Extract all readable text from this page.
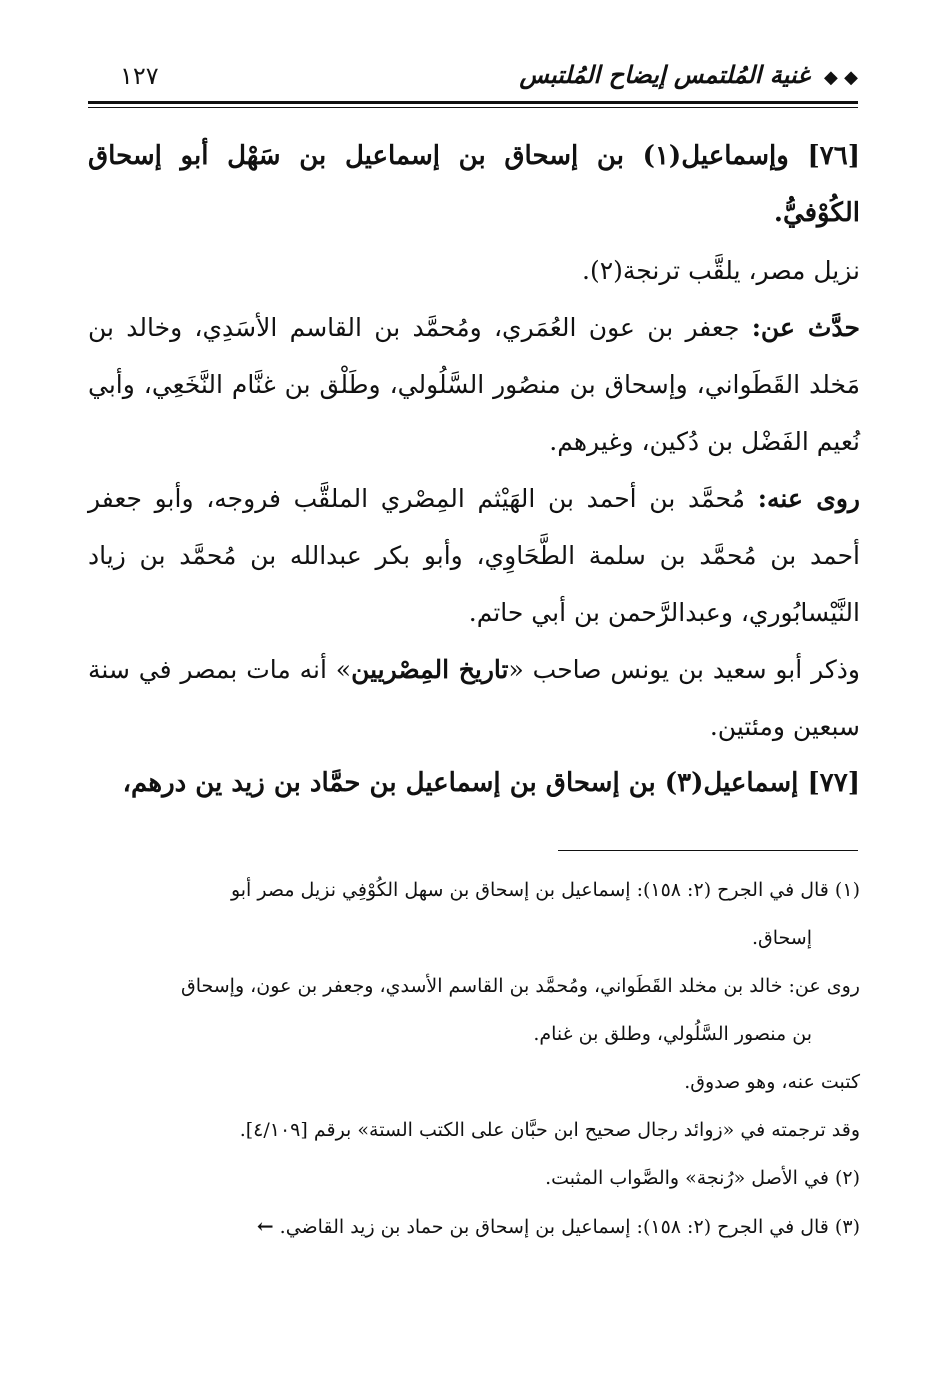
◆ ◆ غنية المُلتمس إيضاح المُلتبس
١٢٧

[٧٦] وإسماعيل(١) بن إسحاق بن إسماعيل بن سَهْل أبو إسحاق الكُوْفيُّ.

نزيل مصر، يلقَّب ترنجة(٢).

حدَّث عن: جعفر بن عون العُمَري، ومُحمَّد بن القاسم الأسَدِي، وخالد بن مَخلد القَطَواني، وإسحاق بن منصُور السَّلُولي، وطَلْق بن غنَّام النَّخَعِي، وأبي نُعيم الفَضْل بن دُكين، وغيرهم.

روى عنه: مُحمَّد بن أحمد بن الهَيْثم المِصْري الملقَّب فروجه، وأبو جعفر أحمد بن مُحمَّد بن سلمة الطَّحَاوِي، وأبو بكر عبدالله بن مُحمَّد بن زياد النَّيْسابُوري، وعبدالرَّحمن بن أبي حاتم.

وذكر أبو سعيد بن يونس صاحب «تاريخ المِصْريين» أنه مات بمصر في سنة سبعين ومئتين.

[٧٧] إسماعيل(٣) بن إسحاق بن إسماعيل بن حمَّاد بن زيد ين درهم،

(١) قال في الجرح (٢: ١٥٨): إسماعيل بن إسحاق بن سهل الكُوْفِي نزيل مصر أبو
إسحاق.

روى عن: خالد بن مخلد القَطَواني، ومُحمَّد بن القاسم الأسدي، وجعفر بن عون، وإسحاق
بن منصور السَّلُولي، وطلق بن غنام.

كتبت عنه، وهو صدوق.

وقد ترجمته في «زوائد رجال صحيح ابن حبَّان على الكتب الستة» برقم [٤/١٠٩].

(٢) في الأصل «رُنجة» والصَّواب المثبت.

(٣) قال في الجرح (٢: ١٥٨): إسماعيل بن إسحاق بن حماد بن زيد القاضي.←
